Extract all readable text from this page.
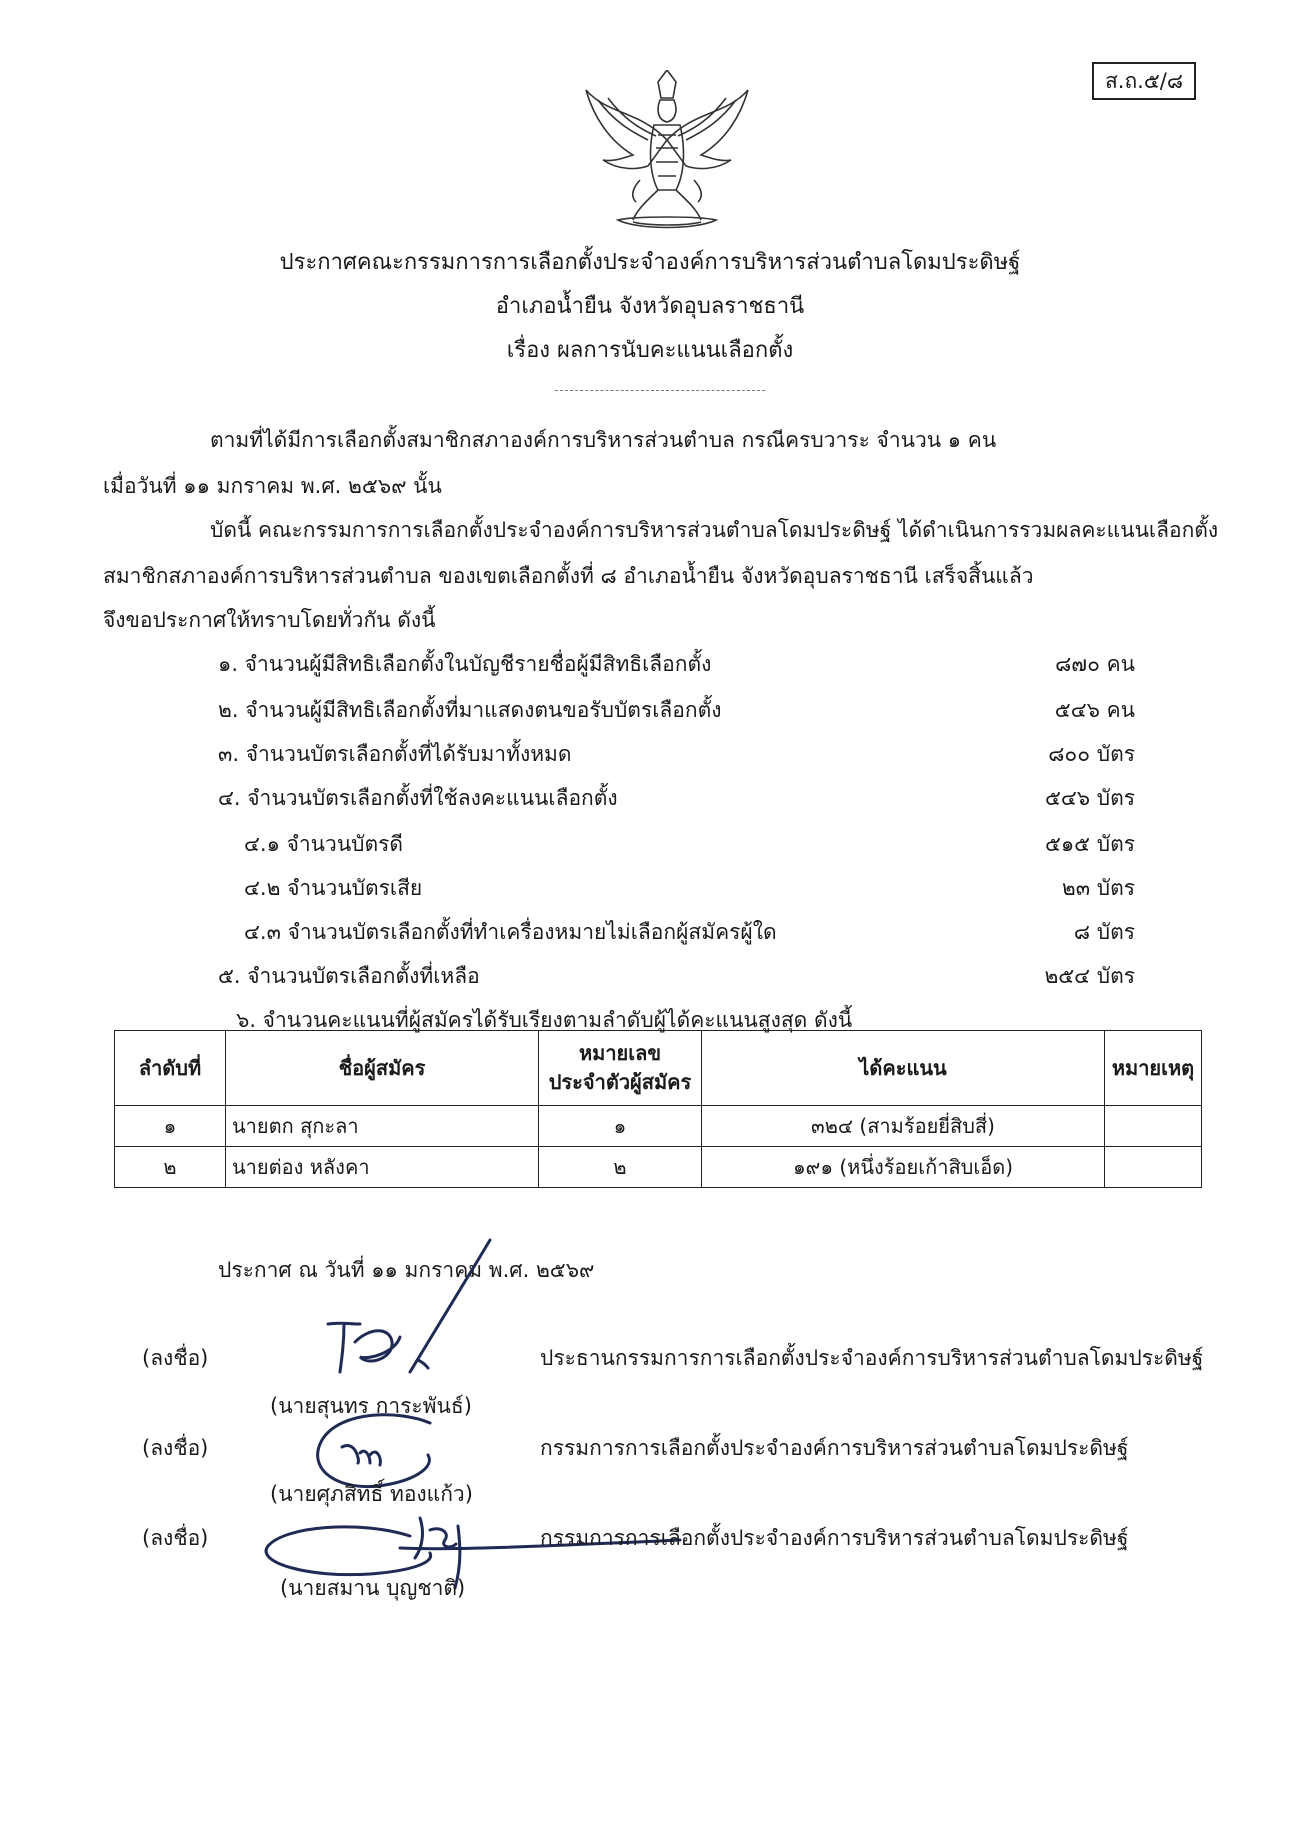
ส.ถ.๕/๘
ประกาศคณะกรรมการการเลือกตั้งประจำองค์การบริหารส่วนตำบลโดมประดิษฐ์
อำเภอน้ำยืน จังหวัดอุบลราชธานี
เรื่อง ผลการนับคะแนนเลือกตั้ง
ตามที่ได้มีการเลือกตั้งสมาชิกสภาองค์การบริหารส่วนตำบล กรณีครบวาระ จำนวน ๑ คน
เมื่อวันที่ ๑๑ มกราคม พ.ศ. ๒๕๖๙ นั้น
บัดนี้ คณะกรรมการการเลือกตั้งประจำองค์การบริหารส่วนตำบลโดมประดิษฐ์ ได้ดำเนินการรวมผลคะแนนเลือกตั้ง
สมาชิกสภาองค์การบริหารส่วนตำบล ของเขตเลือกตั้งที่ ๘ อำเภอน้ำยืน จังหวัดอุบลราชธานี เสร็จสิ้นแล้ว
จึงขอประกาศให้ทราบโดยทั่วกัน ดังนี้
๑. จำนวนผู้มีสิทธิเลือกตั้งในบัญชีรายชื่อผู้มีสิทธิเลือกตั้ง	๘๗๐ คน
๒. จำนวนผู้มีสิทธิเลือกตั้งที่มาแสดงตนขอรับบัตรเลือกตั้ง	๕๔๖ คน
๓. จำนวนบัตรเลือกตั้งที่ได้รับมาทั้งหมด	๘๐๐ บัตร
๔. จำนวนบัตรเลือกตั้งที่ใช้ลงคะแนนเลือกตั้ง	๕๔๖ บัตร
๔.๑ จำนวนบัตรดี	๕๑๕ บัตร
๔.๒ จำนวนบัตรเสีย	๒๓ บัตร
๔.๓ จำนวนบัตรเลือกตั้งที่ทำเครื่องหมายไม่เลือกผู้สมัครผู้ใด	๘ บัตร
๕. จำนวนบัตรเลือกตั้งที่เหลือ	๒๕๔ บัตร
๖. จำนวนคะแนนที่ผู้สมัครได้รับเรียงตามลำดับผู้ได้คะแนนสูงสุด ดังนี้
ลำดับที่	ชื่อผู้สมัคร	หมายเลข
ประจำตัวผู้สมัคร	ได้คะแนน	หมายเหตุ
๑	นายตก สุกะลา	๑	๓๒๔ (สามร้อยยี่สิบสี่)	
๒	นายต่อง หลังคา	๒	๑๙๑ (หนึ่งร้อยเก้าสิบเอ็ด)	
ประกาศ ณ วันที่ ๑๑ มกราคม พ.ศ. ๒๕๖๙
(ลงชื่อ)	ประธานกรรมการการเลือกตั้งประจำองค์การบริหารส่วนตำบลโดมประดิษฐ์
(นายสุนทร การะพันธ์)
(ลงชื่อ)	กรรมการการเลือกตั้งประจำองค์การบริหารส่วนตำบลโดมประดิษฐ์
(นายศุภสิทธิ์ ทองแก้ว)
(ลงชื่อ)	กรรมการการเลือกตั้งประจำองค์การบริหารส่วนตำบลโดมประดิษฐ์
(นายสมาน บุญชาติ)
